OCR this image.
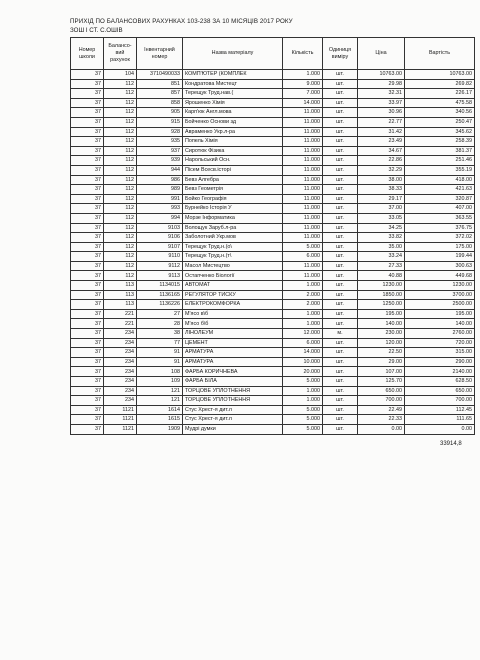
ПРИХІД ПО БАЛАНСОВИХ РАХУНКАХ 103-238 ЗА 10 МІСЯЦІВ 2017 РОКУ
ЗОШ І СТ. С.ОШІВ
Номер школи	Балансо-вий рахунок	Інвентарний номер	Назва матеріалу	Кількість	Одиниця виміру	Ціна	Вартість
37	104	3710490033	КОМП'ЮТЕР (КОМПЛЕК	1.000	шт.	10763.00	10763.00
37	112	851	Кондратова Мистецт	9.000	шт.	29.98	269.82
37	112	857	Терещук Труд.нав.(	7.000	шт.	32.31	226.17
37	112	858	Ярошенко Хімія	14.000	шт.	33.97	475.58
37	112	905	Карп'юк Англ.мова	11.000	шт.	30.96	340.56
37	112	915	Бойченко Основи зд	11.000	шт.	22.77	250.47
37	112	928	Авраменко Укр.л-ра	11.000	шт.	31.42	345.62
37	112	935	Попель Хімія	11.000	шт.	23.49	258.39
37	112	937	Сиротюк Фізика	11.000	шт.	34.67	381.37
37	112	939	Нарольський Осн.	11.000	шт.	22.86	251.46
37	112	944	Пісем Всесв.історі	11.000	шт.	32.29	355.19
37	112	986	Бевз Алгебра	11.000	шт.	38.00	418.00
37	112	989	Бевз Геометрія	11.000	шт.	38.33	421.63
37	112	991	Бойко Географія	11.000	шт.	29.17	320.87
37	112	993	Бурнейко Історія У	11.000	шт.	37.00	407.00
37	112	994	Морзе Інформатика	11.000	шт.	33.05	363.55
37	112	9103	Волощук Заруб.л-ра	11.000	шт.	34.25	376.75
37	112	9106	Заболотний Укр.мов	11.000	шт.	33.82	372.02
37	112	9107	Терещук Труд.н.(о\	5.000	шт.	35.00	175.00
37	112	9110	Терещук Труд.н.(т\	6.000	шт.	33.24	199.44
37	112	9112	Масол Мистецтво	11.000	шт.	27.33	300.63
37	112	9113	Остапченко Біології	11.000	шт.	40.88	449.68
37	113	1134015	АВТОМАТ	1.000	шт.	1230.00	1230.00
37	113	1136165	РЕГУЛЯТОР ТИСКУ	2.000	шт.	1850.00	3700.00
37	113	1136226	ЕЛЕКТРОКОМФОРКА	2.000	шт.	1250.00	2500.00
37	221	27	М'ясо в\б	1.000	шт.	195.00	195.00
37	221	28	М'ясо б\б	1.000	шт.	140.00	140.00
37	234	38	ЛІНОЛЕУМ	12.000	м.	230.00	2760.00
37	234	77	ЦЕМЕНТ	6.000	шт.	120.00	720.00
37	234	91	АРМАТУРА	14.000	шт.	22.50	315.00
37	234	91	АРМАТУРА	10.000	шт.	29.00	290.00
37	234	108	ФАРБА КОРИЧНЕВА	20.000	шт.	107.00	2140.00
37	234	109	ФАРБА БІЛА	5.000	шт.	125.70	628.50
37	234	121	ТОРЦОВЕ УПЛОТНЕННЯ	1.000	шт.	650.00	650.00
37	234	121	ТОРЦОВЕ УПЛОТНЕННЯ	1.000	шт.	700.00	700.00
37	1121	1614	Стус Хрест-я дит.л	5.000	шт.	22.49	112.45
37	1121	1615	Стус Хрест-я дит.л	5.000	шт.	22.33	111.65
37	1121	1909	Мудрі думки	5.000	шт.	0.00	0.00
33914,8
